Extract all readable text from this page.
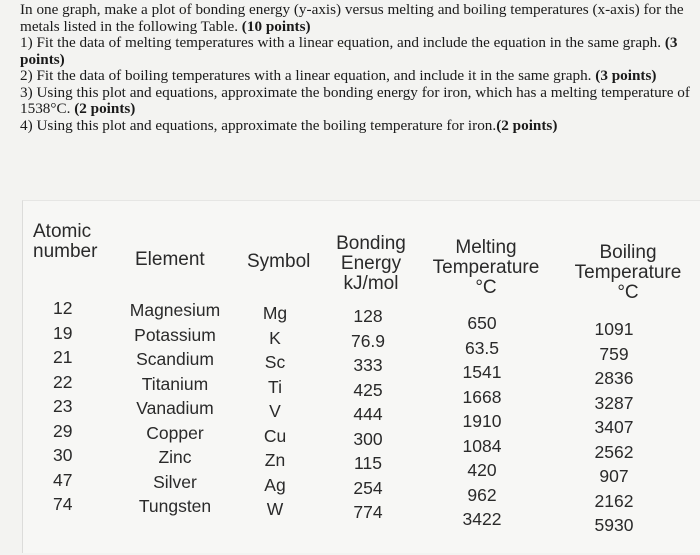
In one graph, make a plot of bonding energy (y-axis) versus melting and boiling temperatures (x-axis) for the metals listed in the following Table. (10 points)

1) Fit the data of melting temperatures with a linear equation, and include the equation in the same graph. (3 points)

2) Fit the data of boiling temperatures with a linear equation, and include it in the same graph. (3 points)

3) Using this plot and equations, approximate the bonding energy for iron, which has a melting temperature of 1538°C. (2 points)

4) Using this plot and equations, approximate the boiling temperature for iron.(2 points)

Atomic
number Element Symbol
Bonding
Energy
kJ/mol
Melting
Temperature
°C
Boiling
Temperature
°C
12
19
21
22
23
29
30
47
74
Magnesium
Potassium
Scandium
Titanium
Vanadium
Copper
Zinc
Silver
Tungsten
Mg
K
Sc
Ti
V
Cu
Zn
Ag
W
128
76.9
333
425
444
300
115
254
774
650
63.5
1541
1668
1910
1084
420
962
3422
1091
759
2836
3287
3407
2562
907
2162
5930
